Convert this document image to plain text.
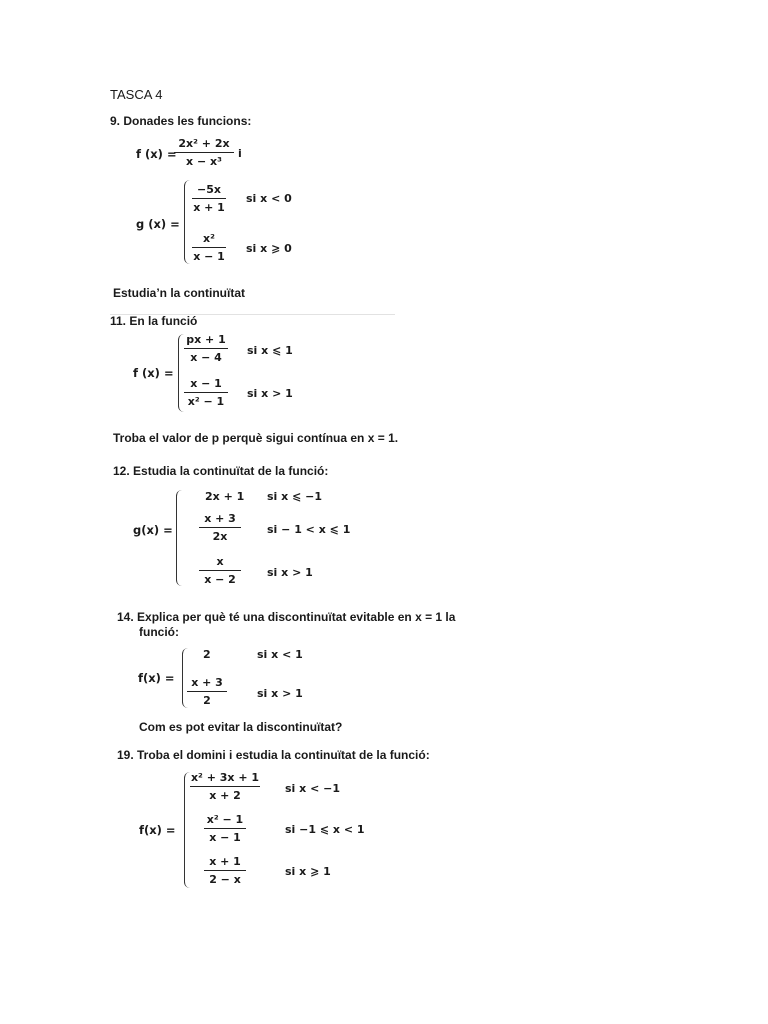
TASCA 4
9. Donades les funcions:
f (x) =
2x² + 2x
x − x³
i
g (x) =
−5x
x + 1
si x < 0
x²
x − 1
si x ⩾ 0
Estudia’n la continuïtat
11. En la funció
f (x) =
px + 1
x − 4
si x ⩽ 1
x − 1
x² − 1
si x > 1
Troba el valor de p perquè sigui contínua en x = 1.
12. Estudia la continuïtat de la funció:
g(x) =
2x + 1 si x ⩽ −1
x + 3
2x
si − 1 < x ⩽ 1
x
x − 2
si x > 1
14. Explica per què té una discontinuïtat evitable en x = 1 la
funció:
f(x) =
2	si x < 1
x + 3
2
si x > 1
Com es pot evitar la discontinuïtat?
19. Troba el domini i estudia la continuïtat de la funció:
f(x) =
x² + 3x + 1
x + 2
si x < −1
x² − 1
x − 1
si −1 ⩽ x < 1
x + 1
2 − x
si x ⩾ 1
